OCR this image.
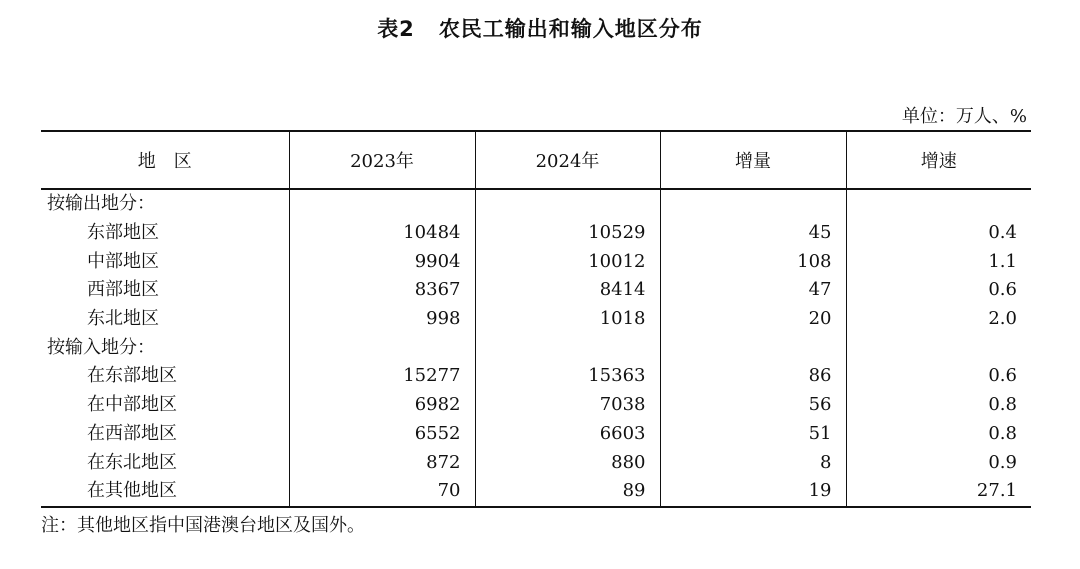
表2 农民工输出和输入地区分布
单位：万人、%
地　区	2023年	2024年	增量	增速
按输出地分：				
东部地区	10484	10529	45	0.4
中部地区	9904	10012	108	1.1
西部地区	8367	8414	47	0.6
东北地区	998	1018	20	2.0
按输入地分：				
在东部地区	15277	15363	86	0.6
在中部地区	6982	7038	56	0.8
在西部地区	6552	6603	51	0.8
在东北地区	872	880	8	0.9
在其他地区	70	89	19	27.1
注：其他地区指中国港澳台地区及国外。
